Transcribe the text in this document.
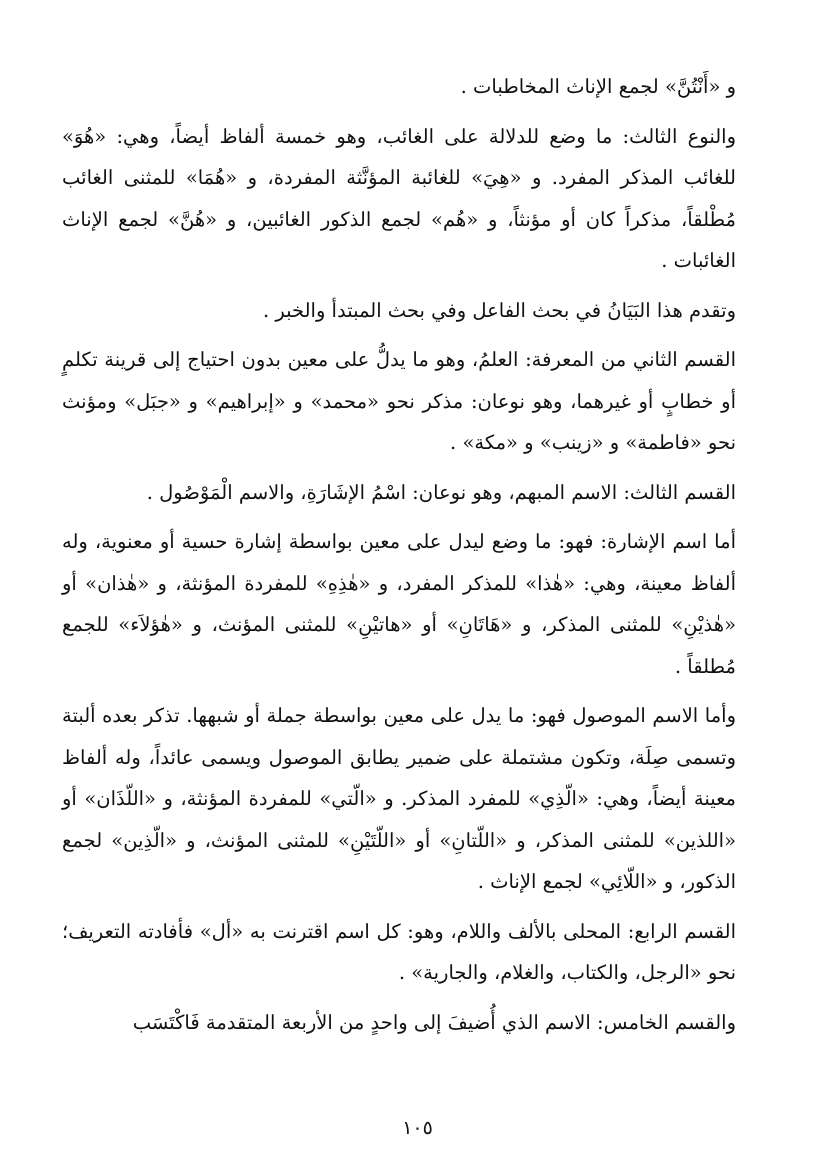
و «أَنْتُنَّ» لجمع الإناث المخاطبات .

والنوع الثالث: ما وضع للدلالة على الغائب، وهو خمسة ألفاظ أيضاً، وهي: «هُوَ» للغائب المذكر المفرد. و «هِيَ» للغائبة المؤنَّثة المفردة، و «هُمَا» للمثنى الغائب مُطْلقاً، مذكراً كان أو مؤنثاً، و «هُم» لجمع الذكور الغائبين، و «هُنَّ» لجمع الإناث الغائبات .

وتقدم هذا البَيَانُ في بحث الفاعل وفي بحث المبتدأ والخبر .

القسم الثاني من المعرفة: العلمُ، وهو ما يدلُّ على معين بدون احتياج إلى قرينة تكلمٍ أو خطابٍ أو غيرهما، وهو نوعان: مذكر نحو «محمد» و «إبراهيم» و «جبَل» ومؤنث نحو «فاطمة» و «زينب» و «مكة» .

القسم الثالث: الاسم المبهم، وهو نوعان: اسْمُ الإشَارَةِ، والاسم الْمَوْصُول .

أما اسم الإشارة: فهو: ما وضع ليدل على معين بواسطة إشارة حسية أو معنوية، وله ألفاظ معينة، وهي: «هٰذا» للمذكر المفرد، و «هٰذِهِ» للمفردة المؤنثة، و «هٰذان» أو «هٰذيْنِ» للمثنى المذكر، و «هَاتَانِ» أو «هاتيْنِ» للمثنى المؤنث، و «هٰؤلاَء» للجمع مُطلقاً .

وأما الاسم الموصول فهو: ما يدل على معين بواسطة جملة أو شبهها. تذكر بعده ألبتة وتسمى صِلَة، وتكون مشتملة على ضمير يطابق الموصول ويسمى عائداً، وله ألفاظ معينة أيضاً، وهي: «الّذِي» للمفرد المذكر. و «الّتي» للمفردة المؤنثة، و «اللّذَان» أو «اللذين» للمثنى المذكر، و «اللّتانِ» أو «اللّتَيْنِ» للمثنى المؤنث، و «الّذِين» لجمع الذكور، و «اللّائِي» لجمع الإناث .

القسم الرابع: المحلى بالألف واللام، وهو: كل اسم اقترنت به «أل» فأفادته التعريف؛ نحو «الرجل، والكتاب، والغلام، والجارية» .

والقسم الخامس: الاسم الذي أُضيفَ إلى واحدٍ من الأربعة المتقدمة فَاكْتَسَب

١٠٥
